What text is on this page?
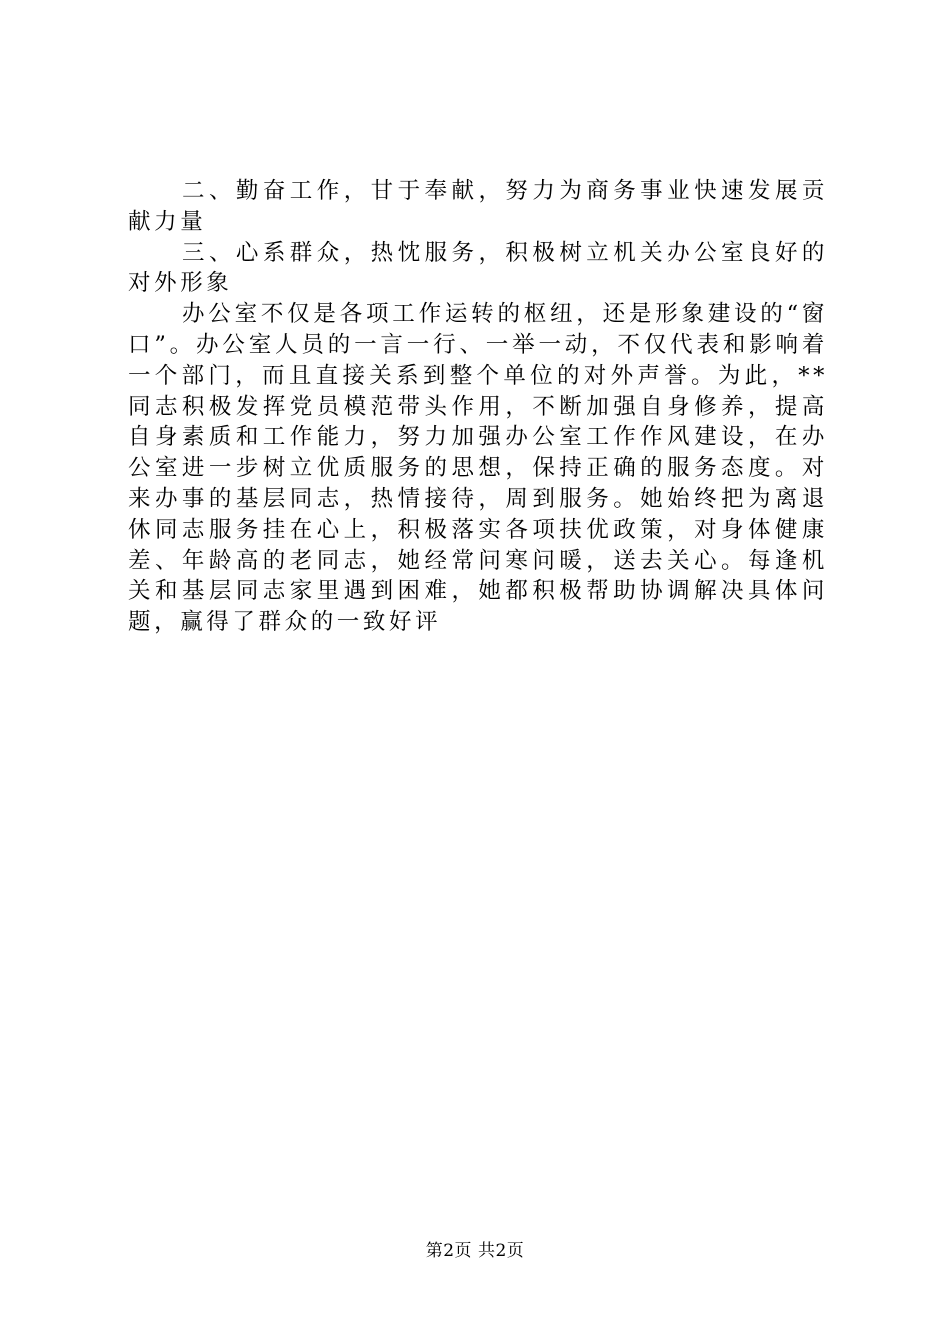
二、勤奋工作，甘于奉献，努力为商务事业快速发展贡献力量

三、心系群众，热忱服务，积极树立机关办公室良好的对外形象

办公室不仅是各项工作运转的枢纽，还是形象建设的“窗口”。办公室人员的一言一行、一举一动，不仅代表和影响着一个部门，而且直接关系到整个单位的对外声誉。为此，**同志积极发挥党员模范带头作用，不断加强自身修养，提高自身素质和工作能力，努力加强办公室工作作风建设，在办公室进一步树立优质服务的思想，保持正确的服务态度。对来办事的基层同志，热情接待，周到服务。她始终把为离退休同志服务挂在心上，积极落实各项扶优政策，对身体健康差、年龄高的老同志，她经常问寒问暖，送去关心。每逢机关和基层同志家里遇到困难，她都积极帮助协调解决具体问题，赢得了群众的一致好评

第2页 共2页
